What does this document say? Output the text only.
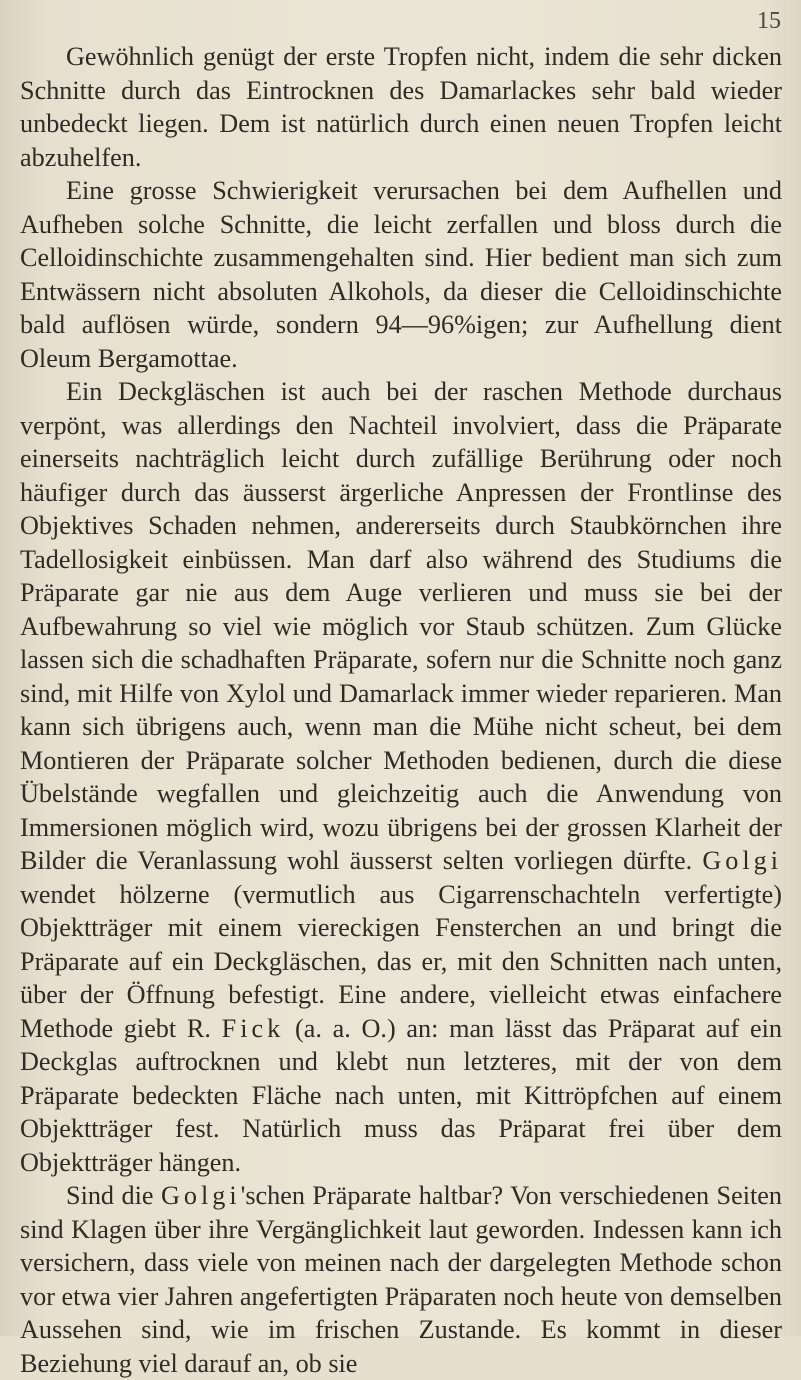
15

Gewöhnlich genügt der erste Tropfen nicht, indem die sehr dicken Schnitte durch das Eintrocknen des Damarlackes sehr bald wieder unbedeckt liegen. Dem ist natürlich durch einen neuen Tropfen leicht abzuhelfen.

Eine grosse Schwierigkeit verursachen bei dem Aufhellen und Aufheben solche Schnitte, die leicht zerfallen und bloss durch die Celloidinschichte zusammengehalten sind. Hier bedient man sich zum Entwässern nicht absoluten Alkohols, da dieser die Celloidinschichte bald auflösen würde, sondern 94—96%igen; zur Aufhellung dient Oleum Bergamottae.

Ein Deckgläschen ist auch bei der raschen Methode durchaus verpönt, was allerdings den Nachteil involviert, dass die Präparate einerseits nachträglich leicht durch zufällige Berührung oder noch häufiger durch das äusserst ärgerliche Anpressen der Frontlinse des Objektives Schaden nehmen, andererseits durch Staubkörnchen ihre Tadellosigkeit einbüssen. Man darf also während des Studiums die Präparate gar nie aus dem Auge verlieren und muss sie bei der Aufbewahrung so viel wie möglich vor Staub schützen. Zum Glücke lassen sich die schadhaften Präparate, sofern nur die Schnitte noch ganz sind, mit Hilfe von Xylol und Damarlack immer wieder reparieren. Man kann sich übrigens auch, wenn man die Mühe nicht scheut, bei dem Montieren der Präparate solcher Methoden bedienen, durch die diese Übelstände wegfallen und gleichzeitig auch die Anwendung von Immersionen möglich wird, wozu übrigens bei der grossen Klarheit der Bilder die Veranlassung wohl äusserst selten vorliegen dürfte. Golgi wendet hölzerne (vermutlich aus Cigarrenschachteln verfertigte) Objektträger mit einem viereckigen Fensterchen an und bringt die Präparate auf ein Deckgläschen, das er, mit den Schnitten nach unten, über der Öffnung befestigt. Eine andere, vielleicht etwas einfachere Methode giebt R. Fick (a. a. O.) an: man lässt das Präparat auf ein Deckglas auftrocknen und klebt nun letzteres, mit der von dem Präparate bedeckten Fläche nach unten, mit Kittröpfchen auf einem Objektträger fest. Natürlich muss das Präparat frei über dem Objektträger hängen.

Sind die Golgi'schen Präparate haltbar? Von verschiedenen Seiten sind Klagen über ihre Vergänglichkeit laut geworden. Indessen kann ich versichern, dass viele von meinen nach der dargelegten Methode schon vor etwa vier Jahren angefertigten Präparaten noch heute von demselben Aussehen sind, wie im frischen Zustande. Es kommt in dieser Beziehung viel darauf an, ob sie
